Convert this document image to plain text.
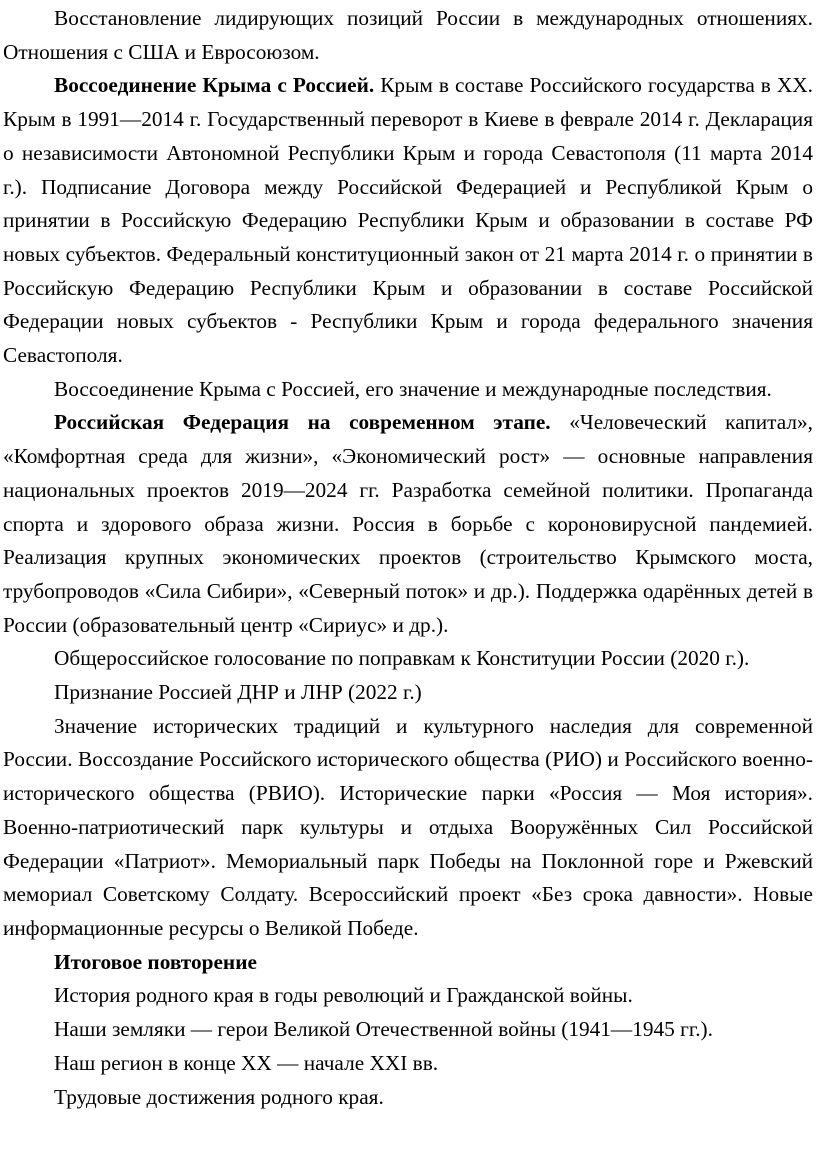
Восстановление лидирующих позиций России в международных отношениях. Отношения с США и Евросоюзом.

Воссоединение Крыма с Россией. Крым в составе Российского государства в XX. Крым в 1991—2014 г. Государственный переворот в Киеве в феврале 2014 г. Декларация о независимости Автономной Республики Крым и города Севастополя (11 марта 2014 г.). Подписание Договора между Российской Федерацией и Республикой Крым о принятии в Российскую Федерацию Республики Крым и образовании в составе РФ новых субъектов. Федеральный конституционный закон от 21 марта 2014 г. о принятии в Российскую Федерацию Республики Крым и образовании в составе Российской Федерации новых субъектов - Республики Крым и города федерального значения Севастополя.

Воссоединение Крыма с Россией, его значение и международные последствия.

Российская Федерация на современном этапе. «Человеческий капитал», «Комфортная среда для жизни», «Экономический рост» — основные направления национальных проектов 2019—2024 гг. Разработка семейной политики. Пропаганда спорта и здорового образа жизни. Россия в борьбе с короновирусной пандемией. Реализация крупных экономических проектов (строительство Крымского моста, трубопроводов «Сила Сибири», «Северный поток» и др.). Поддержка одарённых детей в России (образовательный центр «Сириус» и др.).

Общероссийское голосование по поправкам к Конституции России (2020 г.).

Признание Россией ДНР и ЛНР (2022 г.)

Значение исторических традиций и культурного наследия для современной России. Воссоздание Российского исторического общества (РИО) и Российского военно-исторического общества (РВИО). Исторические парки «Россия — Моя история». Военно-патриотический парк культуры и отдыха Вооружённых Сил Российской Федерации «Патриот». Мемориальный парк Победы на Поклонной горе и Ржевский мемориал Советскому Солдату. Всероссийский проект «Без срока давности». Новые информационные ресурсы о Великой Победе.

Итоговое повторение

История родного края в годы революций и Гражданской войны.

Наши земляки — герои Великой Отечественной войны (1941—1945 гг.).

Наш регион в конце XX — начале XXI вв.

Трудовые достижения родного края.
